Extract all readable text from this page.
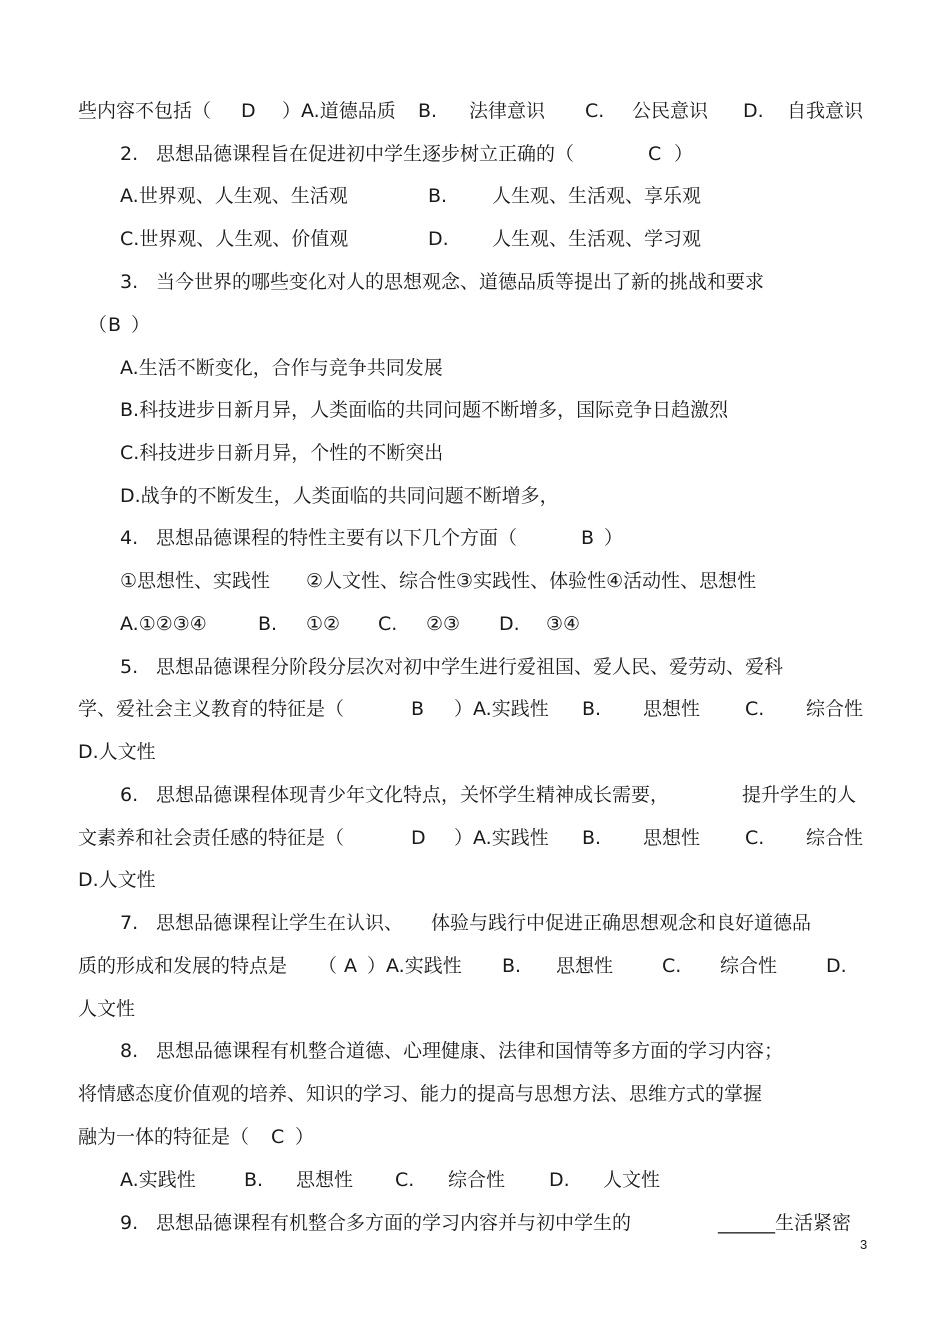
些内容不包括（ D ）A.道德品质 B. 法律意识 C. 公民意识 D. 自我意识
2. 思想品德课程旨在促进初中学生逐步树立正确的（	C ）
A.世界观、人生观、生活观	B. 人生观、生活观、享乐观
C.世界观、人生观、价值观	D. 人生观、生活观、学习观
3. 当今世界的哪些变化对人的思想观念、道德品质等提出了新的挑战和要求
（ B ）
A.生活不断变化，合作与竞争共同发展
B.科技进步日新月异，人类面临的共同问题不断增多，国际竞争日趋激烈
C.科技进步日新月异，个性的不断突出
D.战争的不断发生，人类面临的共同问题不断增多，
4. 思想品德课程的特性主要有以下几个方面（	B ）
①思想性、实践性 ②人文性、综合性③实践性、体验性④活动性、思想性
A.①②③④	B. ①② C. ②③ D. ③④
5. 思想品德课程分阶段分层次对初中学生进行爱祖国、爱人民、爱劳动、爱科
学、爱社会主义教育的特征是（	B ）A.实践性 B. 思想性 C. 综合性
D.人文性
6. 思想品德课程体现青少年文化特点，关怀学生精神成长需要，	提升学生的人
文素养和社会责任感的特征是（	D ）A.实践性 B. 思想性 C. 综合性
D.人文性
7. 思想品德课程让学生在认识、 体验与践行中促进正确思想观念和良好道德品
质的形成和发展的特点是 （ A ）A.实践性 B. 思想性	C. 综合性	D.
人文性
8. 思想品德课程有机整合道德、心理健康、法律和国情等多方面的学习内容；
将情感态度价值观的培养、知识的学习、能力的提高与思想方法、思维方式的掌握
融为一体的特征是（ C ）
A.实践性	B. 思想性 C. 综合性 D. 人文性
9. 思想品德课程有机整合多方面的学习内容并与初中学生的	______生活紧密
3
